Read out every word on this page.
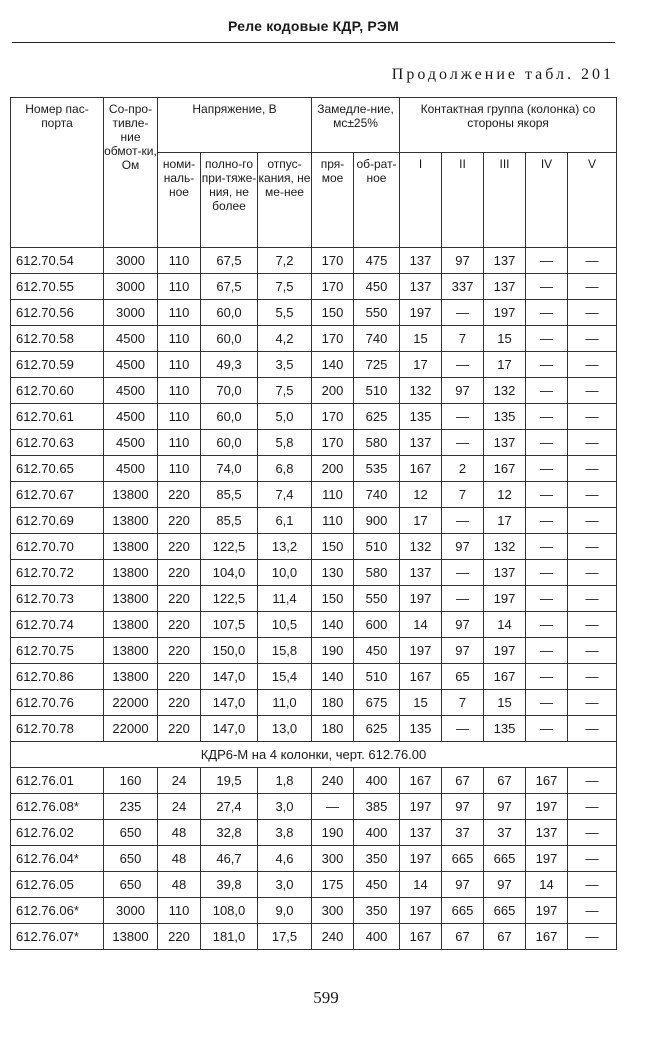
Реле кодовые КДР, РЭМ
Продолжение табл. 201
Номер пас-порта	Со-про-тивле-ние обмот-ки, Ом	Напряжение, В			Замедле-ние, мс±25%		Контактная группа (колонка) со стороны якоря				
		номи-наль-ное	полно-го при-тяже-ния, не более	отпус-кания, не ме-нее	пря-мое	об-рат-ное	I	II	III	IV	V
612.70.54	3000	110	67,5	7,2	170	475	137	97	137	—	—
612.70.55	3000	110	67,5	7,5	170	450	137	337	137	—	—
612.70.56	3000	110	60,0	5,5	150	550	197	—	197	—	—
612.70.58	4500	110	60,0	4,2	170	740	15	7	15	—	—
612.70.59	4500	110	49,3	3,5	140	725	17	—	17	—	—
612.70.60	4500	110	70,0	7,5	200	510	132	97	132	—	—
612.70.61	4500	110	60,0	5,0	170	625	135	—	135	—	—
612.70.63	4500	110	60,0	5,8	170	580	137	—	137	—	—
612.70.65	4500	110	74,0	6,8	200	535	167	2	167	—	—
612.70.67	13800	220	85,5	7,4	110	740	12	7	12	—	—
612.70.69	13800	220	85,5	6,1	110	900	17	—	17	—	—
612.70.70	13800	220	122,5	13,2	150	510	132	97	132	—	—
612.70.72	13800	220	104,0	10,0	130	580	137	—	137	—	—
612.70.73	13800	220	122,5	11,4	150	550	197	—	197	—	—
612.70.74	13800	220	107,5	10,5	140	600	14	97	14	—	—
612.70.75	13800	220	150,0	15,8	190	450	197	97	197	—	—
612.70.86	13800	220	147,0	15,4	140	510	167	65	167	—	—
612.70.76	22000	220	147,0	11,0	180	675	15	7	15	—	—
612.70.78	22000	220	147,0	13,0	180	625	135	—	135	—	—
КДР6-М на 4 колонки, черт. 612.76.00											
612.76.01	160	24	19,5	1,8	240	400	167	67	67	167	—
612.76.08*	235	24	27,4	3,0	—	385	197	97	97	197	—
612.76.02	650	48	32,8	3,8	190	400	137	37	37	137	—
612.76.04*	650	48	46,7	4,6	300	350	197	665	665	197	—
612.76.05	650	48	39,8	3,0	175	450	14	97	97	14	—
612.76.06*	3000	110	108,0	9,0	300	350	197	665	665	197	—
612.76.07*	13800	220	181,0	17,5	240	400	167	67	67	167	—
599
